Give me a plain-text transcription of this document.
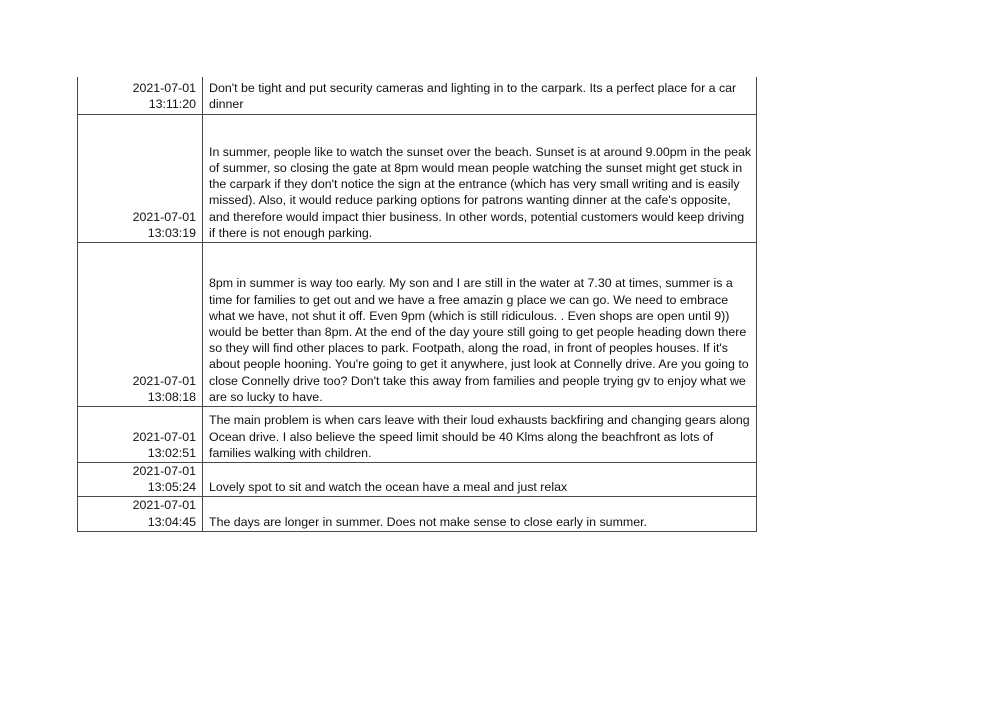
2021-07-01
13:11:20	Don't be tight and put security cameras and lighting in to the carpark. Its a perfect place for a car dinner

2021-07-01
13:03:19	In summer, people like to watch the sunset over the beach. Sunset is at around 9.00pm in the peak of summer, so closing the gate at 8pm would mean people watching the sunset might get stuck in the carpark if they don't notice the sign at the entrance (which has very small writing and is easily missed). Also, it would reduce parking options for patrons wanting dinner at the cafe's opposite, and therefore would impact thier business. In other words, potential customers would keep driving if there is not enough parking.

2021-07-01
13:08:18	8pm in summer is way too early. My son and I are still in the water at 7.30 at times, summer is a time for families to get out and we have a free amazin g place we can go. We need to embrace what we have, not shut it off. Even 9pm (which is still ridiculous. . Even shops are open until 9)) would be better than 8pm. At the end of the day youre still going to get people heading down there so they will find other places to park. Footpath, along the road, in front of peoples houses. If it's about people hooning. You're going to get it anywhere, just look at Connelly drive. Are you going to close Connelly drive too? Don't take this away from families and people trying gv to enjoy what we are so lucky to have.

2021-07-01
13:02:51	The main problem is when cars leave with their loud exhausts backfiring and changing gears along Ocean drive. I also believe the speed limit should be 40 Klms along the beachfront as lots of families walking with children.

2021-07-01
13:05:24	Lovely spot to sit and watch the ocean have a meal and just relax

2021-07-01
13:04:45	The days are longer in summer. Does not make sense to close early in summer.
